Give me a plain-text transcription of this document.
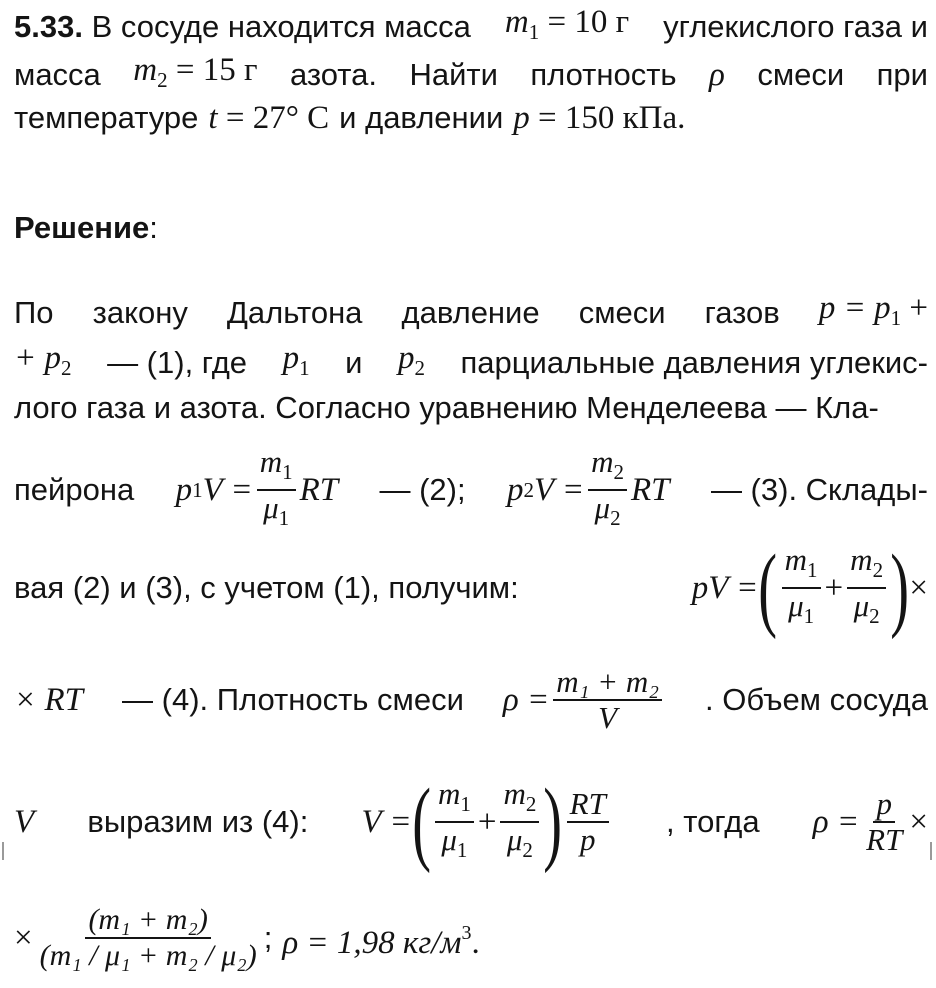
5.33. В сосуде находится масса $m_1 = 10$ г углекислого газа и
масса $m_2 = 15$ г азота. Найти плотность ρ смеси при
температуре t = 27° С и давлении p = 150 кПа.
Решение :
По закону Дальтона давление смеси газов $p = p_1$ +
+ $p_2$ — (1), где $p_1$ и $p_2$ парциальные давления углекис-
лого газа и азота. Согласно уравнению Менделеева — Кла-
пейрона p 1 $V = \frac{m_1}{\mu_1}$ RT — (2); p 2 $V = \frac{m_2}{\mu_2}$ RT — (3). Склады-
вая (2) и (3), с учетом (1), получим:	pV = ( $\frac{m_1}{\mu_1} + \frac{m_2}{\mu_2}$ ) ×
× RT — (4). Плотность смеси $\rho = \frac{\text{m₁ + m₂}}{V}$ . Объем сосуда
V выразим из (4): V = ( $\frac{m_1}{\mu_1} + \frac{m_2}{\mu_2}$ ) $\frac{RT}{p}$ , тогда $\rho = \frac{p}{RT}$ ×
× $\frac{\text{(m₁ + m₂)}}{\text{(m₁ / μ₁ + m₂ / μ₂)}}$ ; ρ = 1,98 $кг/м^3$.
